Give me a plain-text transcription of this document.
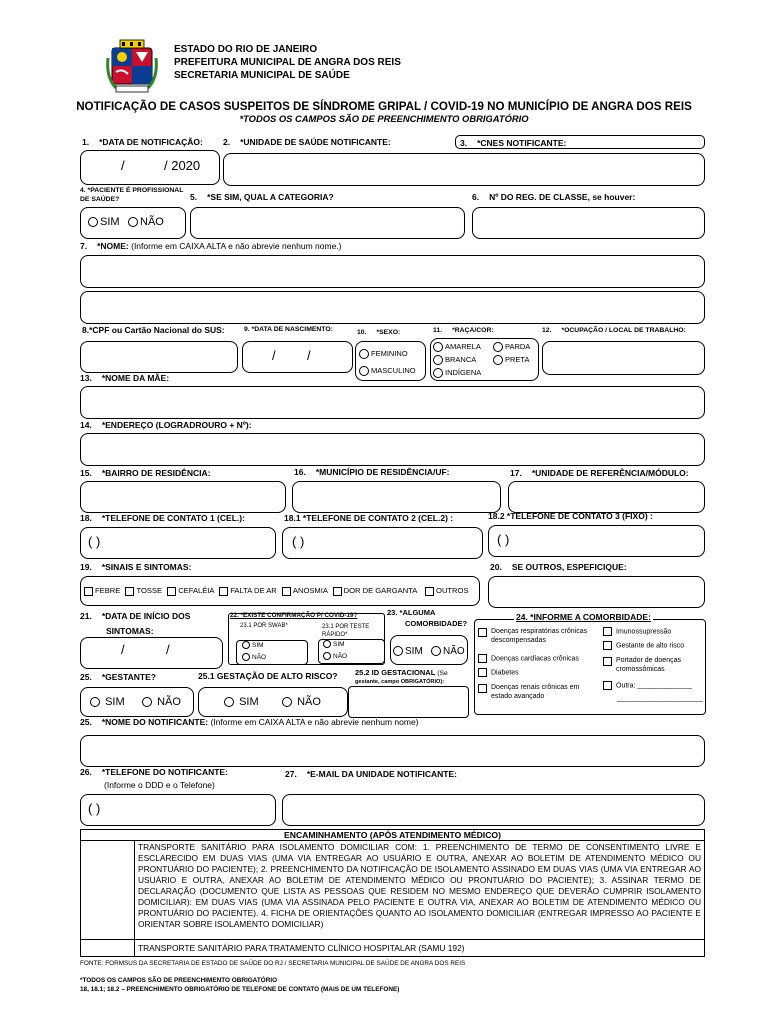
ESTADO DO RIO DE JANEIRO
PREFEITURA MUNICIPAL DE ANGRA DOS REIS
SECRETARIA MUNICIPAL DE SAÚDE
NOTIFICAÇÃO DE CASOS SUSPEITOS DE SÍNDROME GRIPAL / COVID-19 NO MUNICÍPIO DE ANGRA DOS REIS
*TODOS OS CAMPOS SÃO DE PREENCHIMENTO OBRIGATÓRIO
1. *DATA DE NOTIFICAÇÃO: 2. *UNIDADE DE SAÚDE NOTIFICANTE:	3. *CNES NOTIFICANTE:
/	/ 2020
4. *PACIENTE É PROFISSIONAL DE SAÚDE?	5. *SE SIM, QUAL A CATEGORIA?	6. Nº DO REG. DE CLASSE, se houver:
SIM	NÃO
7. *NOME: (Informe em CAIXA ALTA e não abrevie nenhum nome.)
8.*CPF ou Cartão Nacional do SUS:	9. *DATA DE NASCIMENTO:	10. *SEXO:	11. *RAÇA/COR:	12. *OCUPAÇÃO / LOCAL DE TRABALHO:
/ /	FEMININO
MASCULINO
AMARELA	PARDA
BRANCA	PRETA
INDÍGENA
13. *NOME DA MÃE:
14. *ENDEREÇO (LOGRADROURO + Nº):
15. *BAIRRO DE RESIDÊNCIA:	16. *MUNICÍPIO DE RESIDÊNCIA/UF:	17. *UNIDADE DE REFERÊNCIA/MÓDULO:
18. *TELEFONE DE CONTATO 1 (CEL.):	18.1 *TELEFONE DE CONTATO 2 (CEL.2) :	18.2 *TELEFONE DE CONTATO 3 (FIXO) :
( )	( )	( )
19. *SINAIS E SINTOMAS:	20. SE OUTROS, ESPEFICIQUE:
FEBRE TOSSE CEFALÉIA FALTA DE AR ANOSMIA DOR DE GARGANTA	OUTROS
21. *DATA DE INÍCIO DOS
SINTOMAS:
/	/
22. *EXISTE CONFIRMAÇÃO P/ COVID-19?
23.1 POR SWAB*	23.1 POR TESTE
RÁPIDO*
SIM
NÃO
SIM
NÃO
23. *ALGUMA
COMORBIDADE?
SIM	NÃO
24. *INFORME A COMORBIDADE:
Doenças respiratórias crônicas descompensadas
Doenças cardíacas crônicas
Diabetes
Doenças renais crônicas em estado avançado
Imunossupressão
Gestante de alto risco
Portador de doenças cromossômicas
Outra: ______________
______________________
25. *GESTANTE?	25.1 GESTAÇÃO DE ALTO RISCO? 25.2 ID GESTACIONAL (Se
gestante, campo OBRIGATÓRIO):
SIM	NÃO	SIM	NÃO
25. *NOME DO NOTIFICANTE: (Informe em CAIXA ALTA e não abrevie nenhum nome)
26. *TELEFONE DO NOTIFICANTE:
(Informe o DDD e o Telefone)
27. *E-MAIL DA UNIDADE NOTIFICANTE:
( )
ENCAMINHAMENTO (APÓS ATENDIMENTO MÉDICO)
TRANSPORTE SANITÁRIO PARA ISOLAMENTO DOMICILIAR COM: 1. PREENCHIMENTO DE TERMO DE CONSENTIMENTO LIVRE E ESCLARECIDO EM DUAS VIAS (UMA VIA ENTREGAR AO USUÁRIO E OUTRA, ANEXAR AO BOLETIM DE ATENDIMENTO MÉDICO OU PRONTUÁRIO DO PACIENTE); 2. PREENCHIMENTO DA NOTIFICAÇÃO DE ISOLAMENTO ASSINADO EM DUAS VIAS (UMA VIA ENTREGAR AO USUÁRIO E OUTRA, ANEXAR AO BOLETIM DE ATENDIMENTO MÉDICO OU PRONTUÁRIO DO PACIENTE); 3. ASSINAR TERMO DE DECLARAÇÃO (DOCUMENTO QUE LISTA AS PESSOAS QUE RESIDEM NO MESMO ENDEREÇO QUE DEVERÃO CUMPRIR ISOLAMENTO DOMICILIAR): EM DUAS VIAS (UMA VIA ASSINADA PELO PACIENTE E OUTRA VIA, ANEXAR AO BOLETIM DE ATENDIMENTO MÉDICO OU PRONTUÁRIO DO PACIENTE). 4. FICHA DE ORIENTAÇÕES QUANTO AO ISOLAMENTO DOMICILIAR (ENTREGAR IMPRESSO AO PACIENTE E ORIENTAR SOBRE ISOLAMENTO DOMICILIAR)
TRANSPORTE SANITÁRIO PARA TRATAMENTO CLÍNICO HOSPITALAR (SAMU 192)
FONTE: FORMSUS DA SECRETARIA DE ESTADO DE SAÚDE DO RJ / SECRETARIA MUNICIPAL DE SAÚDE DE ANGRA DOS REIS
*TODOS OS CAMPOS SÃO DE PREENCHIMENTO OBRIGATÓRIO
18, 18.1; 18.2 – PREENCHIMENTO OBRIGATÓRIO DE TELEFONE DE CONTATO (MAIS DE UM TELEFONE)
